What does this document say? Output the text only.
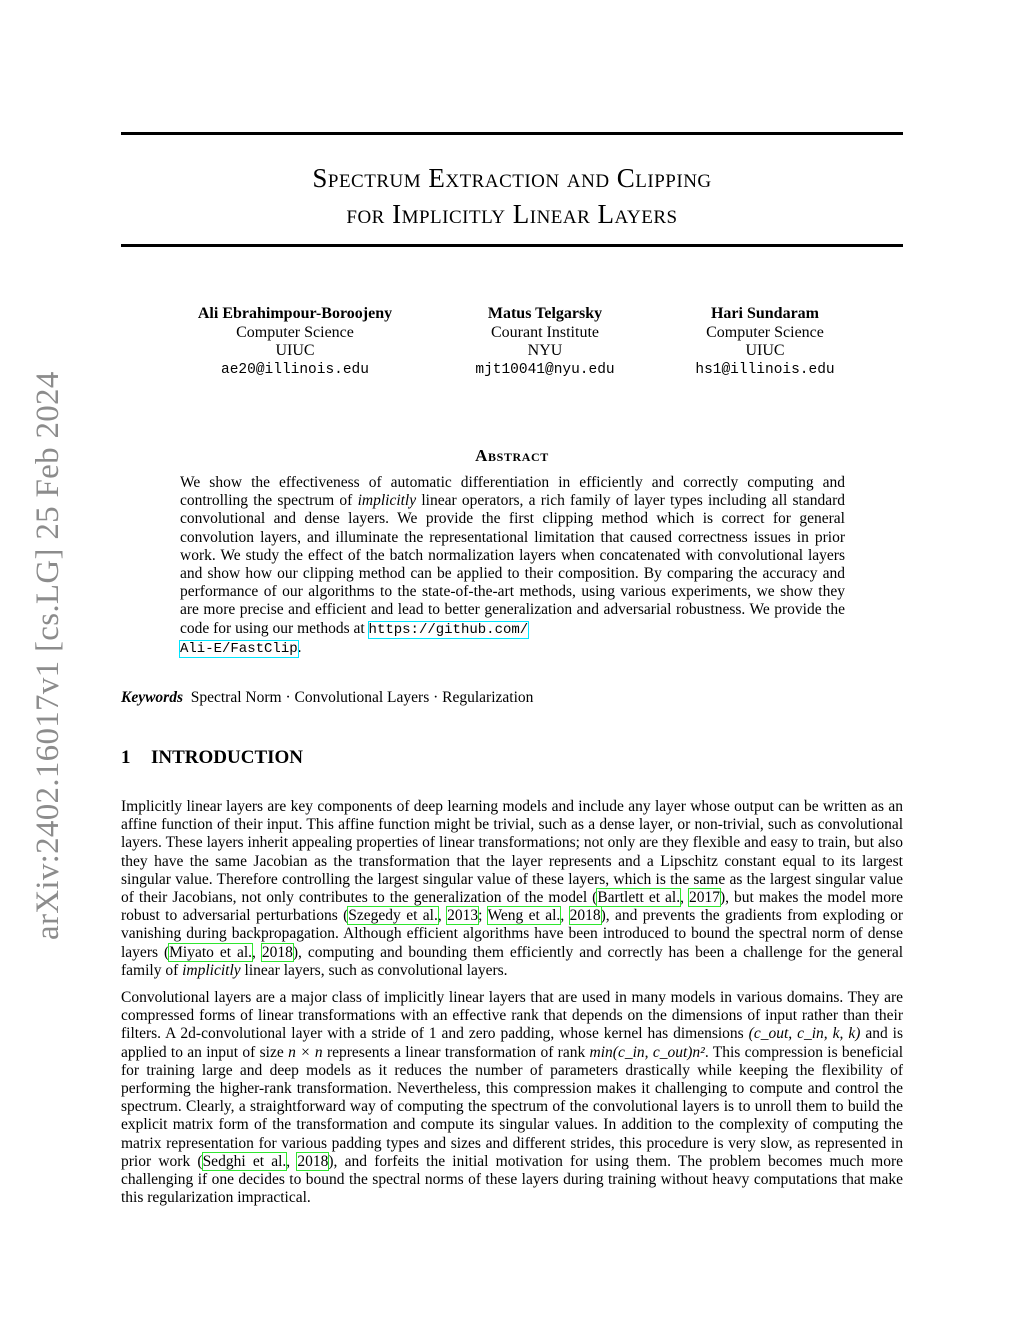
Spectrum Extraction and Clipping
for Implicitly Linear Layers
arXiv:2402.16017v1 [cs.LG] 25 Feb 2024
Ali Ebrahimpour-Boroojeny
Computer Science
UIUC
ae20@illinois.edu
Matus Telgarsky
Courant Institute
NYU
mjt10041@nyu.edu
Hari Sundaram
Computer Science
UIUC
hs1@illinois.edu
Abstract
We show the effectiveness of automatic differentiation in efficiently and correctly computing and controlling the spectrum of implicitly linear operators, a rich family of layer types including all standard convolutional and dense layers. We provide the first clipping method which is correct for general convolution layers, and illuminate the representational limitation that caused correctness issues in prior work. We study the effect of the batch normalization layers when concatenated with convolutional layers and show how our clipping method can be applied to their composition. By comparing the accuracy and performance of our algorithms to the state-of-the-art methods, using various experiments, we show they are more precise and efficient and lead to better generalization and adversarial robustness. We provide the code for using our methods at https://github.com/
Ali-E/FastClip.
Keywords Spectral Norm · Convolutional Layers · Regularization
1 INTRODUCTION
Implicitly linear layers are key components of deep learning models and include any layer whose output can be written as an affine function of their input. This affine function might be trivial, such as a dense layer, or non-trivial, such as convolutional layers. These layers inherit appealing properties of linear transformations; not only are they flexible and easy to train, but also they have the same Jacobian as the transformation that the layer represents and a Lipschitz constant equal to its largest singular value. Therefore controlling the largest singular value of these layers, which is the same as the largest singular value of their Jacobians, not only contributes to the generalization of the model (Bartlett et al., 2017), but makes the model more robust to adversarial perturbations (Szegedy et al., 2013; Weng et al., 2018), and prevents the gradients from exploding or vanishing during backpropagation. Although efficient algorithms have been introduced to bound the spectral norm of dense layers (Miyato et al., 2018), computing and bounding them efficiently and correctly has been a challenge for the general family of implicitly linear layers, such as convolutional layers.
Convolutional layers are a major class of implicitly linear layers that are used in many models in various domains. They are compressed forms of linear transformations with an effective rank that depends on the dimensions of input rather than their filters. A 2d-convolutional layer with a stride of 1 and zero padding, whose kernel has dimensions (c_out, c_in, k, k) and is applied to an input of size n × n represents a linear transformation of rank min(c_in, c_out)n². This compression is beneficial for training large and deep models as it reduces the number of parameters drastically while keeping the flexibility of performing the higher-rank transformation. Nevertheless, this compression makes it challenging to compute and control the spectrum. Clearly, a straightforward way of computing the spectrum of the convolutional layers is to unroll them to build the explicit matrix form of the transformation and compute its singular values. In addition to the complexity of computing the matrix representation for various padding types and sizes and different strides, this procedure is very slow, as represented in prior work (Sedghi et al., 2018), and forfeits the initial motivation for using them. The problem becomes much more challenging if one decides to bound the spectral norms of these layers during training without heavy computations that make this regularization impractical.
